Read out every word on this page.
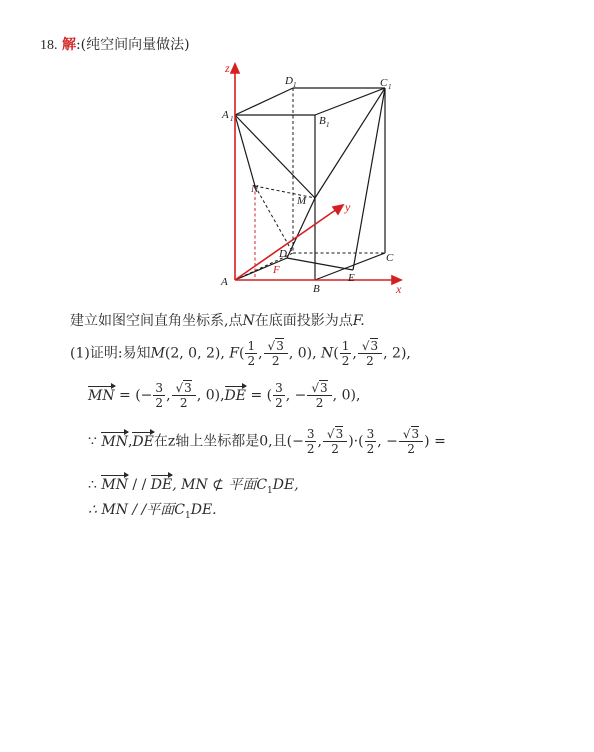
18. 解:(纯空间向量做法)
z
y
x
A
B
C
D
E
F
A 1	B 1
C 1
D 1
M
N
建立如图空间直角坐标系,点N在底面投影为点F.
(1)证明:易知M(2, 0, 2), $F( \frac{1}{2}$ , $\frac{√3}{2}$ , 0), $N( \frac{1}{2}$ , $\frac{√3}{2}$ , 2),
MN = (− $\frac{3}{2}$ , $\frac{√3}{2}$ , 0),DE = ( $\frac{3}{2}$ , − $\frac{√3}{2}$ , 0),
∵ MN,DE在z轴上坐标都是0,且(− $\frac{3}{2}$ , $\frac{√3}{2}$ )·( $\frac{3}{2}$ , − $\frac{√3}{2}$ ) =
∴ MN / / DE, MN ⊄ 平面$C_1DE$,
∴ MN / /平面$C_1DE$.
